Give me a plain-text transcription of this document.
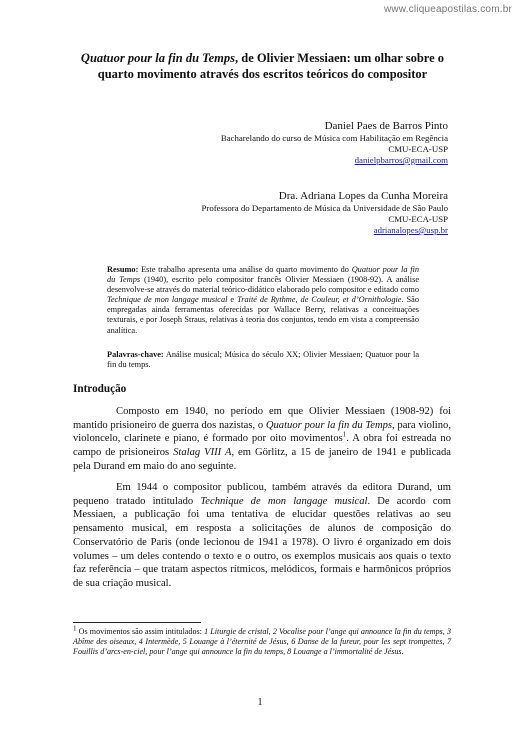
www.cliqueapostilas.com.br
Quatuor pour la fin du Temps, de Olivier Messiaen: um olhar sobre o quarto movimento através dos escritos teóricos do compositor
Daniel Paes de Barros Pinto
Bacharelando do curso de Música com Habilitação em Regência
CMU-ECA-USP
danielpbarros@gmail.com
Dra. Adriana Lopes da Cunha Moreira
Professora do Departamento de Música da Universidade de São Paulo
CMU-ECA-USP
adrianalopes@usp.br
Resumo: Este trabalho apresenta uma análise do quarto movimento do Quatuor pour la fin du Temps (1940), escrito pelo compositor francês Olivier Messiaen (1908-92). A análise desenvolve-se através do material teórico-didático elaborado pelo compositor e editado como Technique de mon langage musical e Traité de Rythme, de Couleur, et d’Ornithologie. São empregadas ainda ferramentas oferecidas por Wallace Berry, relativas a conceituações texturais, e por Joseph Straus, relativas à teoria dos conjuntos, tendo em vista a compreensão analítica.
Palavras-chave: Análise musical; Música do século XX; Olivier Messiaen; Quatuor pour la fin du temps.
Introdução

Composto em 1940, no período em que Olivier Messiaen (1908-92) foi mantido prisioneiro de guerra dos nazistas, o Quatuor pour la fin du Temps, para violino, violoncelo, clarinete e piano, é formado por oito movimentos$^1$. A obra foi estreada no campo de prisioneiros Stalag VIII A, em Görlitz, a 15 de janeiro de 1941 e publicada pela Durand em maio do ano seguinte.

Em 1944 o compositor publicou, também através da editora Durand, um pequeno tratado intitulado Technique de mon langage musical. De acordo com Messiaen, a publicação foi uma tentativa de elucidar questões relativas ao seu pensamento musical, em resposta a solicitações de alunos de composição do Conservatório de Paris (onde lecionou de 1941 a 1978). O livro é organizado em dois volumes – um deles contendo o texto e o outro, os exemplos musicais aos quais o texto faz referência – que tratam aspectos rítmicos, melódicos, formais e harmônicos próprios de sua criação musical.

$^1$ Os movimentos são assim intitulados: 1 Liturgie de cristal, 2 Vocalise pour l’ange qui announce la fin du temps, 3 Abîme des oiseaux, 4 Intermède, 5 Louange à l’éternité de Jésus, 6 Danse de la fureur, pour les sept trompettes, 7 Fouillis d’arcs-en-ciel, pour l’ange qui announce la fin du temps, 8 Louange a l’immortalité de Jésus.
1
